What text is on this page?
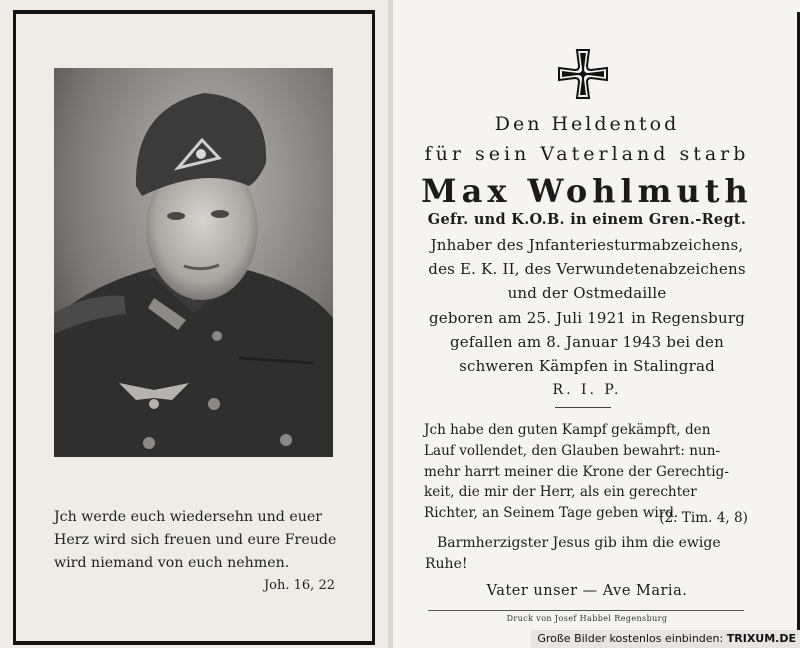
Jch werde euch wiedersehn und euer
Herz wird sich freuen und eure Freude
wird niemand von euch nehmen.
Joh. 16, 22
Den Heldentod
für sein Vaterland starb
Max Wohlmuth
Gefr. und K.O.B. in einem Gren.-Regt.
Jnhaber des Jnfanteriesturmabzeichens,
des E. K. II, des Verwundetenabzeichens
und der Ostmedaille
geboren am 25. Juli 1921 in Regensburg
gefallen am 8. Januar 1943 bei den
schweren Kämpfen in Stalingrad
R. I. P.
Jch habe den guten Kampf gekämpft, den
Lauf vollendet, den Glauben bewahrt: nun-
mehr harrt meiner die Krone der Gerechtig-
keit, die mir der Herr, als ein gerechter
Richter, an Seinem Tage geben wird.
(2. Tim. 4, 8)
Barmherzigster Jesus gib ihm die ewige
Ruhe!
Vater unser — Ave Maria.
Druck von Josef Habbel Regensburg
Große Bilder kostenlos einbinden: TRIXUM.DE
